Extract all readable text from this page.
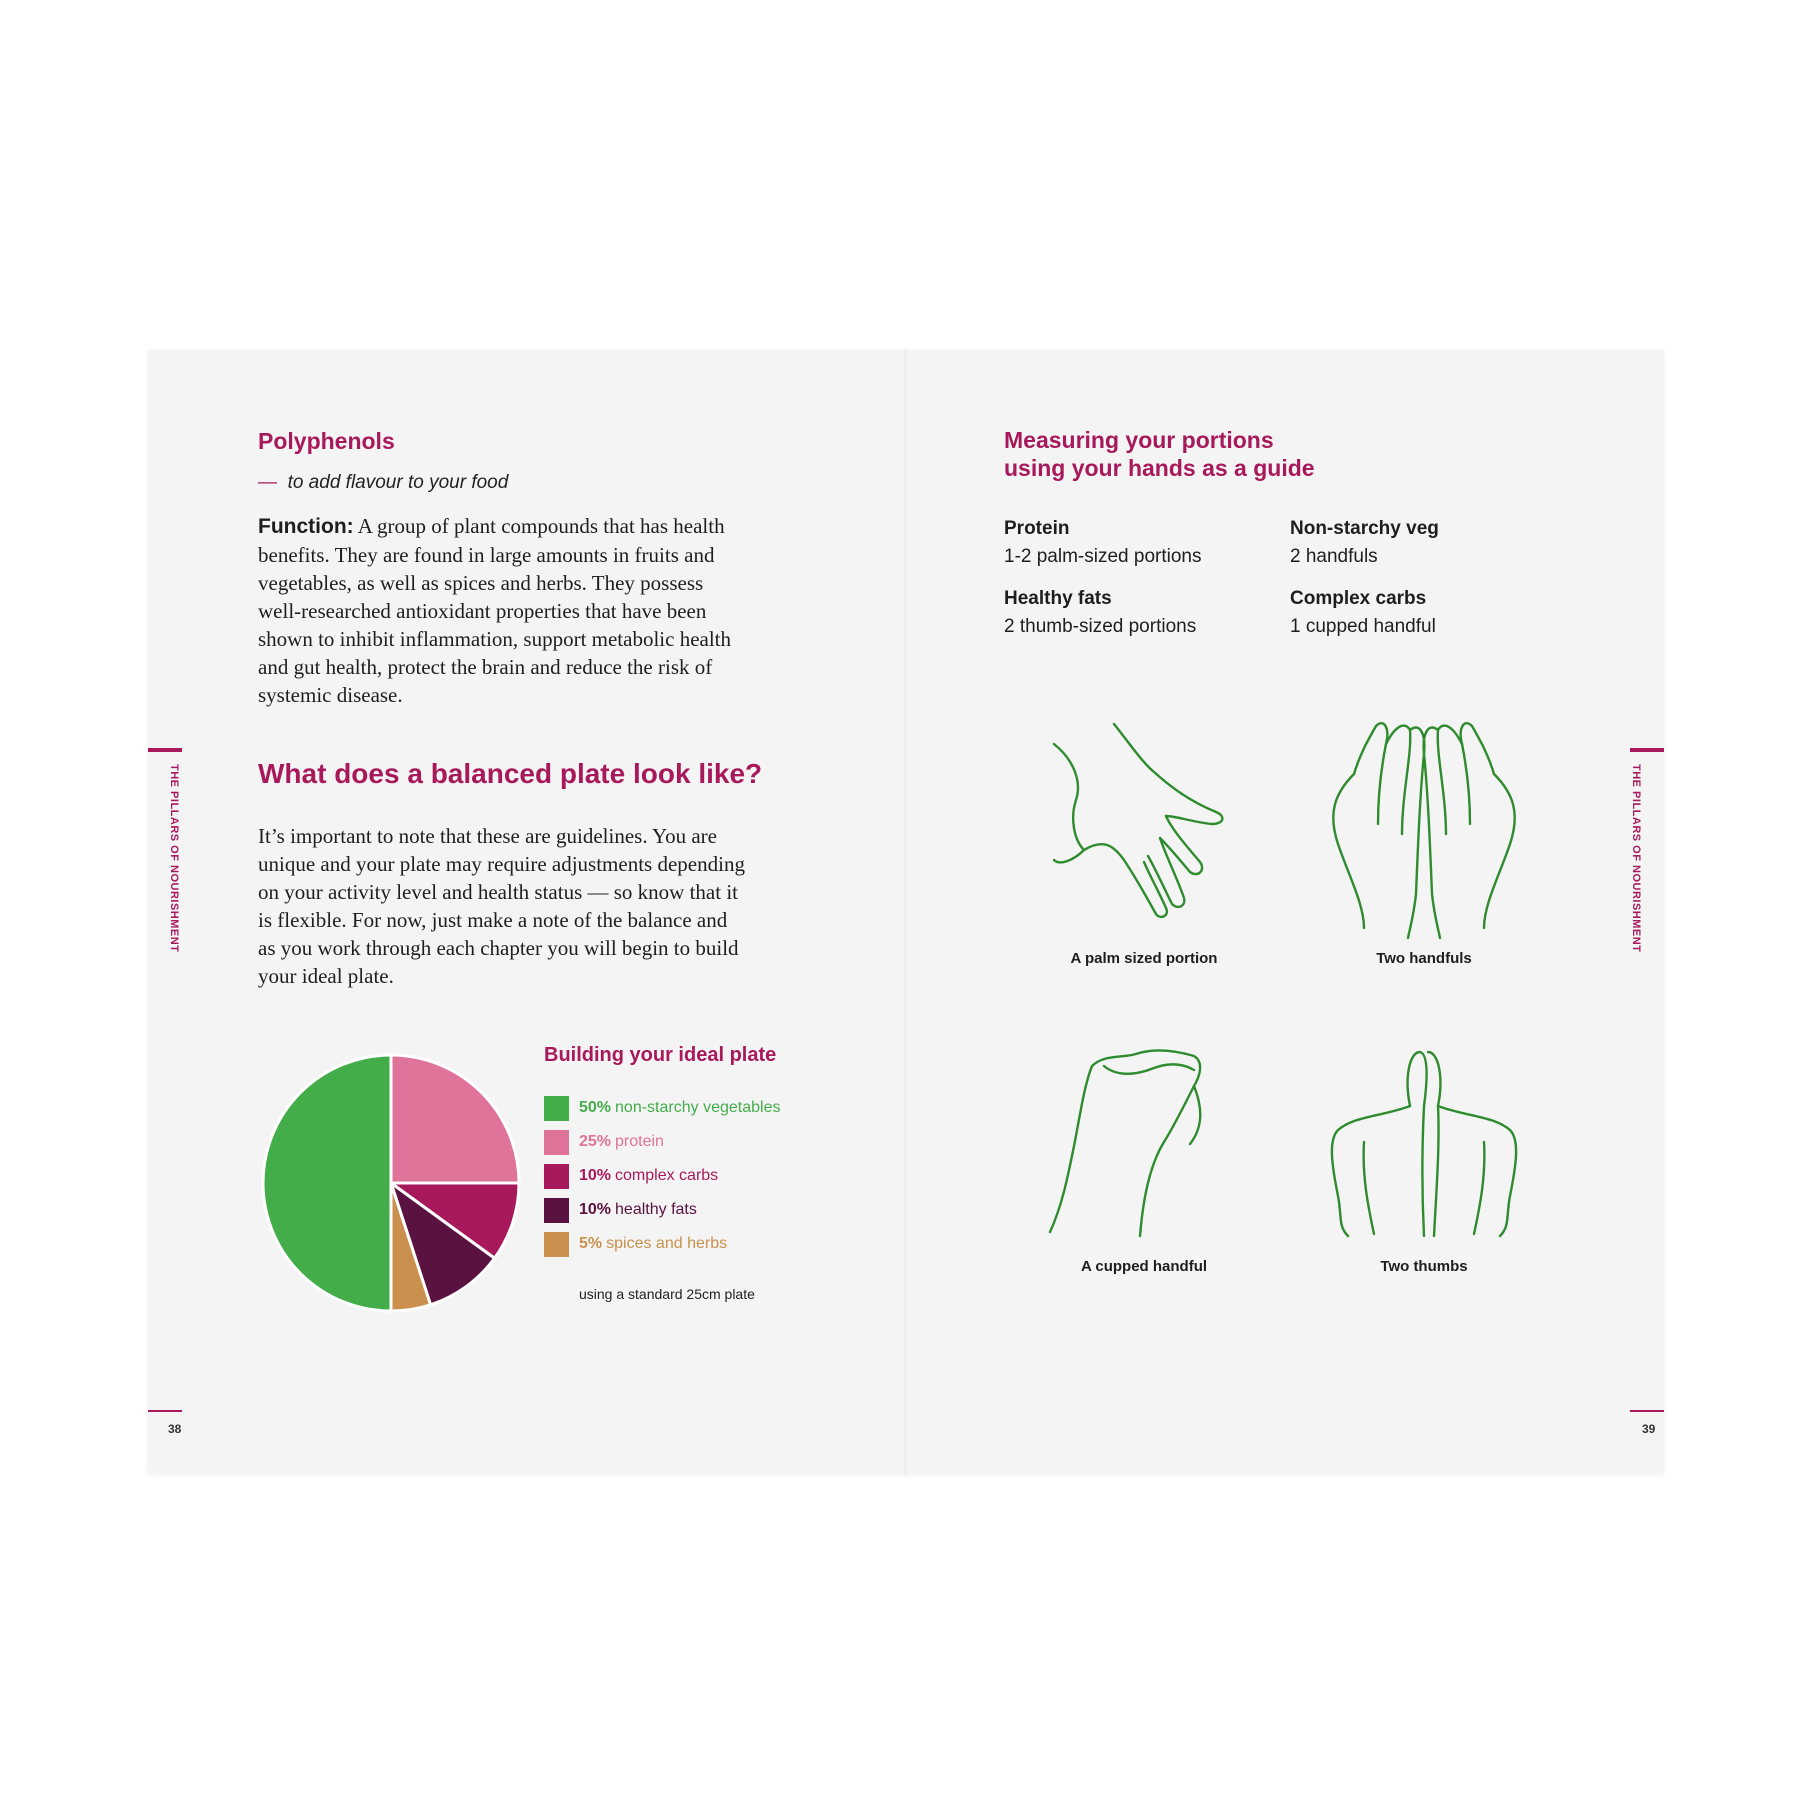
THE PILLARS OF NOURISHMENT
Polyphenols
— to add flavour to your food
Function: A group of plant compounds that has health
benefits. They are found in large amounts in fruits and
vegetables, as well as spices and herbs. They possess
well-researched antioxidant properties that have been
shown to inhibit inflammation, support metabolic health
and gut health, protect the brain and reduce the risk of
systemic disease.
What does a balanced plate look like?
It’s important to note that these are guidelines. You are
unique and your plate may require adjustments depending
on your activity level and health status — so know that it
is flexible. For now, just make a note of the balance and
as you work through each chapter you will begin to build
your ideal plate.
Building your ideal plate
50% non-starchy vegetables
25% protein
10% complex carbs
10% healthy fats
5% spices and herbs
using a standard 25cm plate
38
Measuring your portions
using your hands as a guide
Protein
1-2 palm-sized portions
Non-starchy veg
2 handfuls
Healthy fats
2 thumb-sized portions
Complex carbs
1 cupped handful
A palm sized portion	Two handfuls
A cupped handful	Two thumbs
THE PILLARS OF NOURISHMENT
39
